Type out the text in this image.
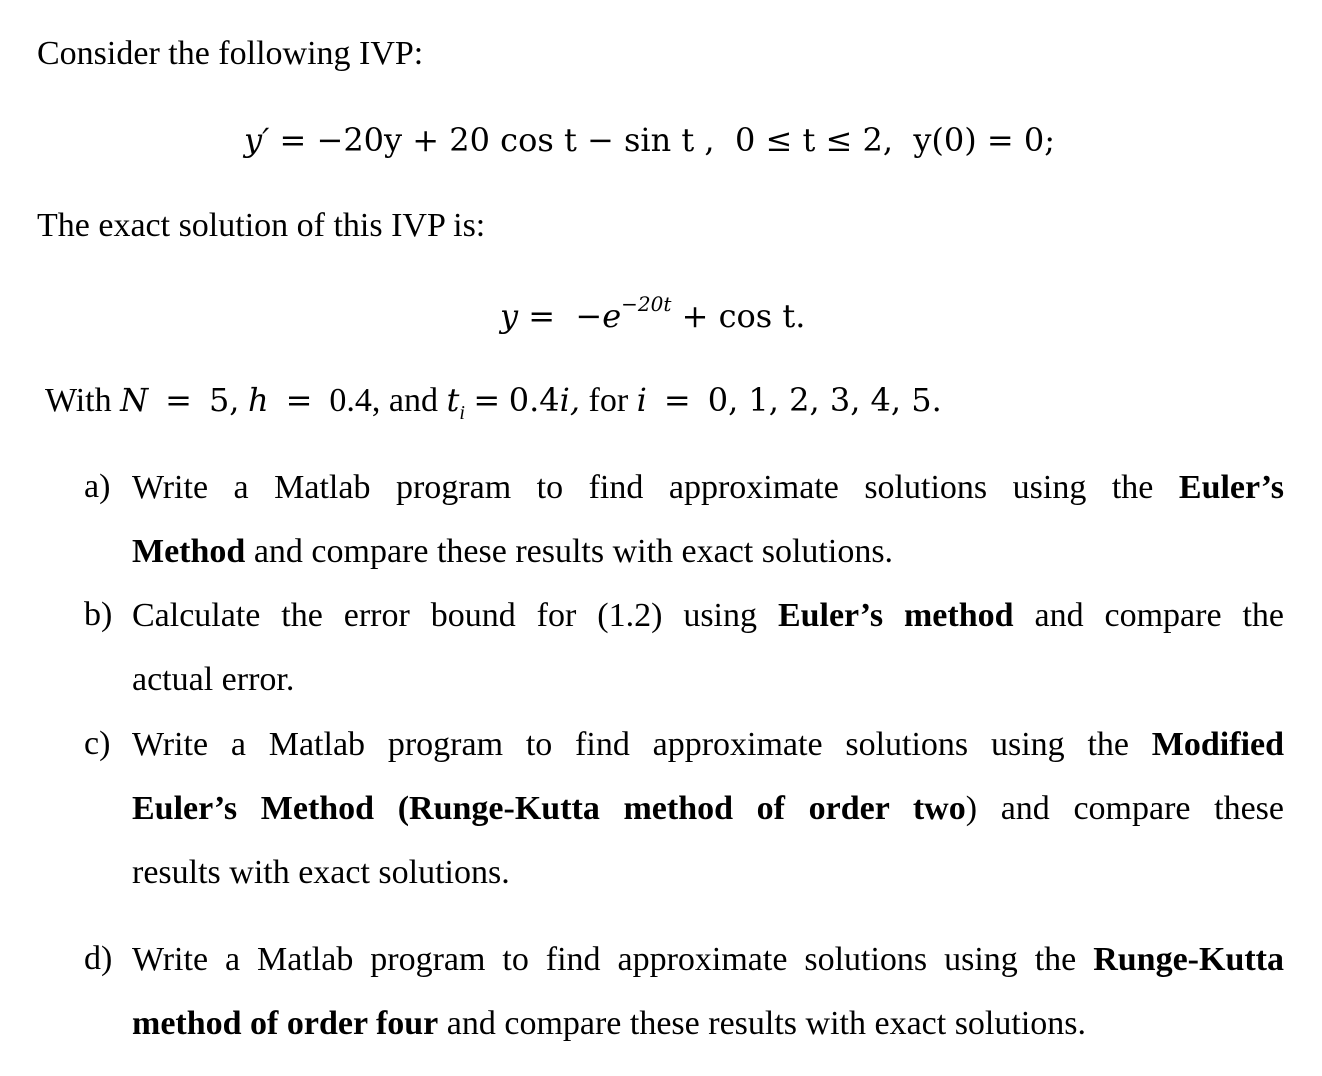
Consider the following IVP:
y′ = −20y + 20 cos t − sin t , 0 ≤ t ≤ 2, y(0) = 0;
The exact solution of this IVP is:
$y = -e^{-20t} + \cos t$.
With N = 5, h = 0.4, and $t_i = 0.4i$, for i = 0, 1, 2, 3, 4, 5.
a) Write a Matlab program to find approximate solutions using the Euler’s
Method and compare these results with exact solutions.
b) Calculate the error bound for (1.2) using Euler’s method and compare the
actual error.
c) Write a Matlab program to find approximate solutions using the Modified
Euler’s Method (Runge-Kutta method of order two) and compare these
results with exact solutions.
d) Write a Matlab program to find approximate solutions using the Runge-Kutta
method of order four and compare these results with exact solutions.
